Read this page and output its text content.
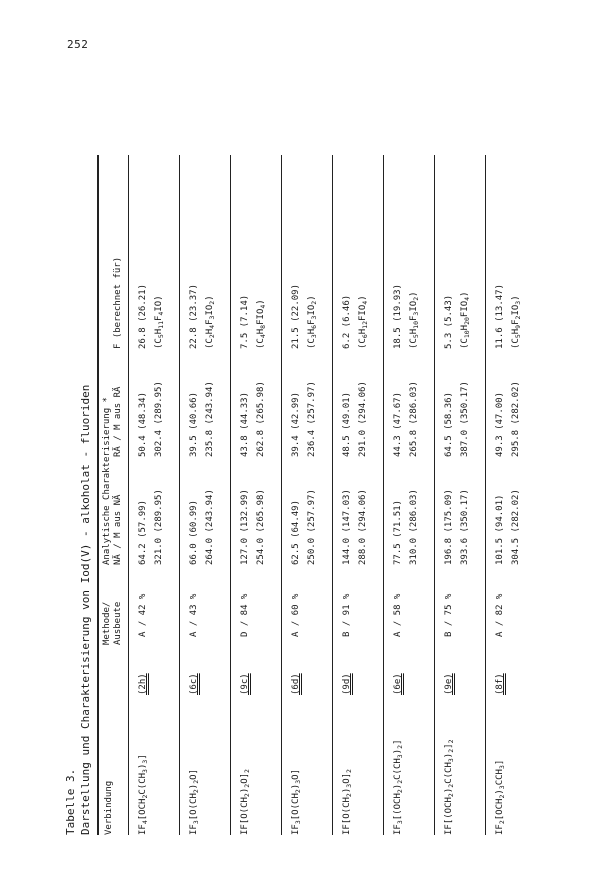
252
Tabelle 3. Darstellung und Charakterisierung von Iod(V) - alkoholat - fluoriden Verbindung
Methode/
Ausbeute
Analytische Charakterisierung * NÄ / M aus NÄ
RÄ / M aus RÄ
F (berechnet für)
$IF_4[OCH_2C(CH_3)_3]$
(2h)
A / 42 %
64.2 (57.99) 321.0 (289.95)
50.4 (48.34) 302.4 (289.95)
26.8 (26.21) $(C_5H_{11}F_4IO)$
$IF_3[O(CH_2)_2O]$
(6c)
A / 43 %
66.0 (60.99) 264.0 (243.94)
39.5 (40.66) 235.8 (243.94)
22.8 (23.37) $(C_2H_4F_3IO_2)$
$IF[O(CH_2)_2O]_2$
(9c)
D / 84 %
127.0 (132.99) 254.0 (265.98)
43.8 (44.33) 262.8 (265.98)
7.5 (7.14) $(C_4H_8FIO_4)$
$IF_3[O(CH_2)_3O]$
(6d)
A / 60 %
62.5 (64.49) 250.0 (257.97)
39.4 (42.99) 236.4 (257.97)
21.5 (22.09) $(C_3H_6F_3IO_2)$
$IF[O(CH_2)_3O]_2$
(9d)
B / 91 %
144.0 (147.03) 288.0 (294.06)
48.5 (49.01) 291.0 (294.06)
6.2 (6.46) $(C_6H_{12}FIO_4)$
$IF_3[(OCH_2)_2C(CH_3)_2]$
(6e)
A / 58 %
77.5 (71.51) 310.0 (286.03)
44.3 (47.67) 265.8 (286.03)
18.5 (19.93) $(C_5H_{10}F_3IO_2)$
$IF[(OCH_2)_2C(CH_3)_2]_2$
(9e)
B / 75 %
196.8 (175.09) 393.6 (350.17)
64.5 (58.36) 387.0 (350.17)
5.3 (5.43) $(C_{10}H_{20}FIO_4)$
$IF_2[OCH_2)_3CCH_3$]
(8f)
A / 82 %
101.5 (94.01) 304.5 (282.02)
49.3 (47.00) 295.8 (282.02)
11.6 (13.47) $(C_5H_9F_2IO_3)$
